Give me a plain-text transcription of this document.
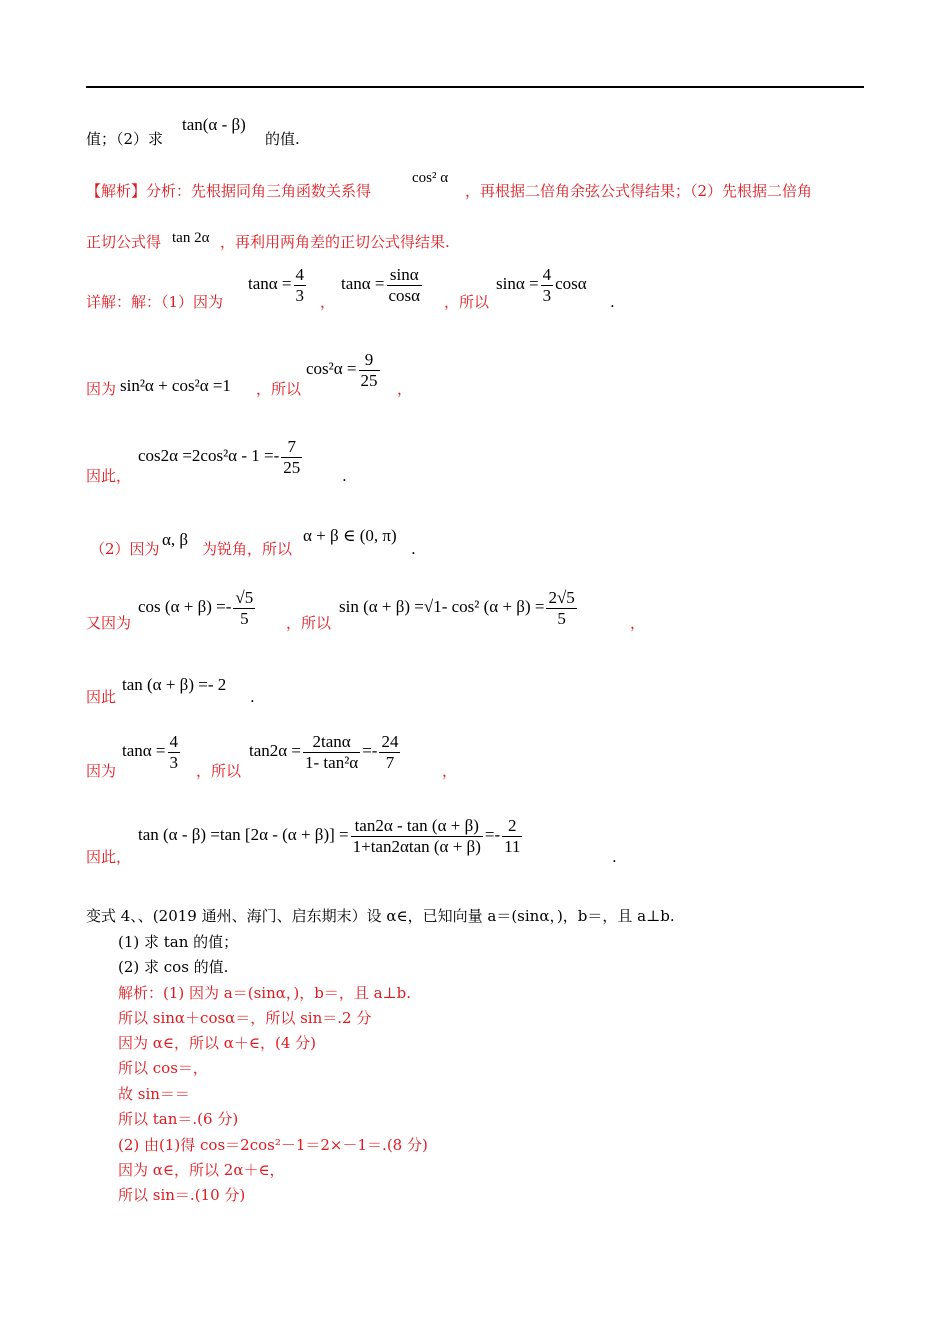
值；（2）求
tan(α - β)
的值.
【解析】分析：先根据同角三角函数关系得
cos² α
，再根据二倍角余弦公式得结果；（2）先根据二倍角
正切公式得 tan 2α ，再利用两角差的正切公式得结果.
详解：解：（1）因为
$\tan\alpha = \frac{4}{3}$ ，
$\tan\alpha = \frac{\sin\alpha}{\cos\alpha}$ ，所以
$\sin\alpha = \frac{4}{3}$ cosα
.
因为 sin²α + cos²α =1 ，所以
$\cos^2\alpha = \frac{9}{25}$ ，
因此，
$\cos 2\alpha =2\cos^2\alpha - 1 =- \frac{7}{25}$	.
（2）因为 α, β 为锐角，所以
α + β ∈ (0, π)
.
又因为
$\cos (\alpha + \beta) =- \frac{√5}{5}$ ，所以
sin (α + β) =√1- cos² $(\alpha + \beta) = \frac{2√5}{5}$	，
因此
tan (α + β) =- 2
.
因为
$\tan\alpha = \frac{4}{3}$ ，所以
$\tan 2\alpha = \frac{2\tan\alpha}{\text{1- tan²α}} =- \frac{24}{7}$	，
因此，
tan (α - β) =tan $[2\alpha - (\alpha + \beta)] = \frac{\tan 2\alpha - \tan (\alpha + \beta)}{1+\tan 2\alpha\tan (\alpha + \beta)} =- \frac{2}{11}$
.
变式 4、、(2019 通州、海门、启东期末）设 α∈，已知向量 a＝(sinα，)，b＝，且 a⊥b.
(1) 求 tan 的值；
(2) 求 cos 的值.
解析：(1) 因为 a＝(sinα，)，b＝，且 a⊥b.
所以 sinα＋cosα＝，所以 sin＝.2 分
因为 α∈，所以 α＋∈，(4 分)
所以 cos＝，
故 sin＝＝
所以 tan＝.(6 分)
(2) 由(1)得 cos＝2cos²－1＝2×－1＝.(8 分)
因为 α∈，所以 2α＋∈，
所以 sin＝.(10 分)
